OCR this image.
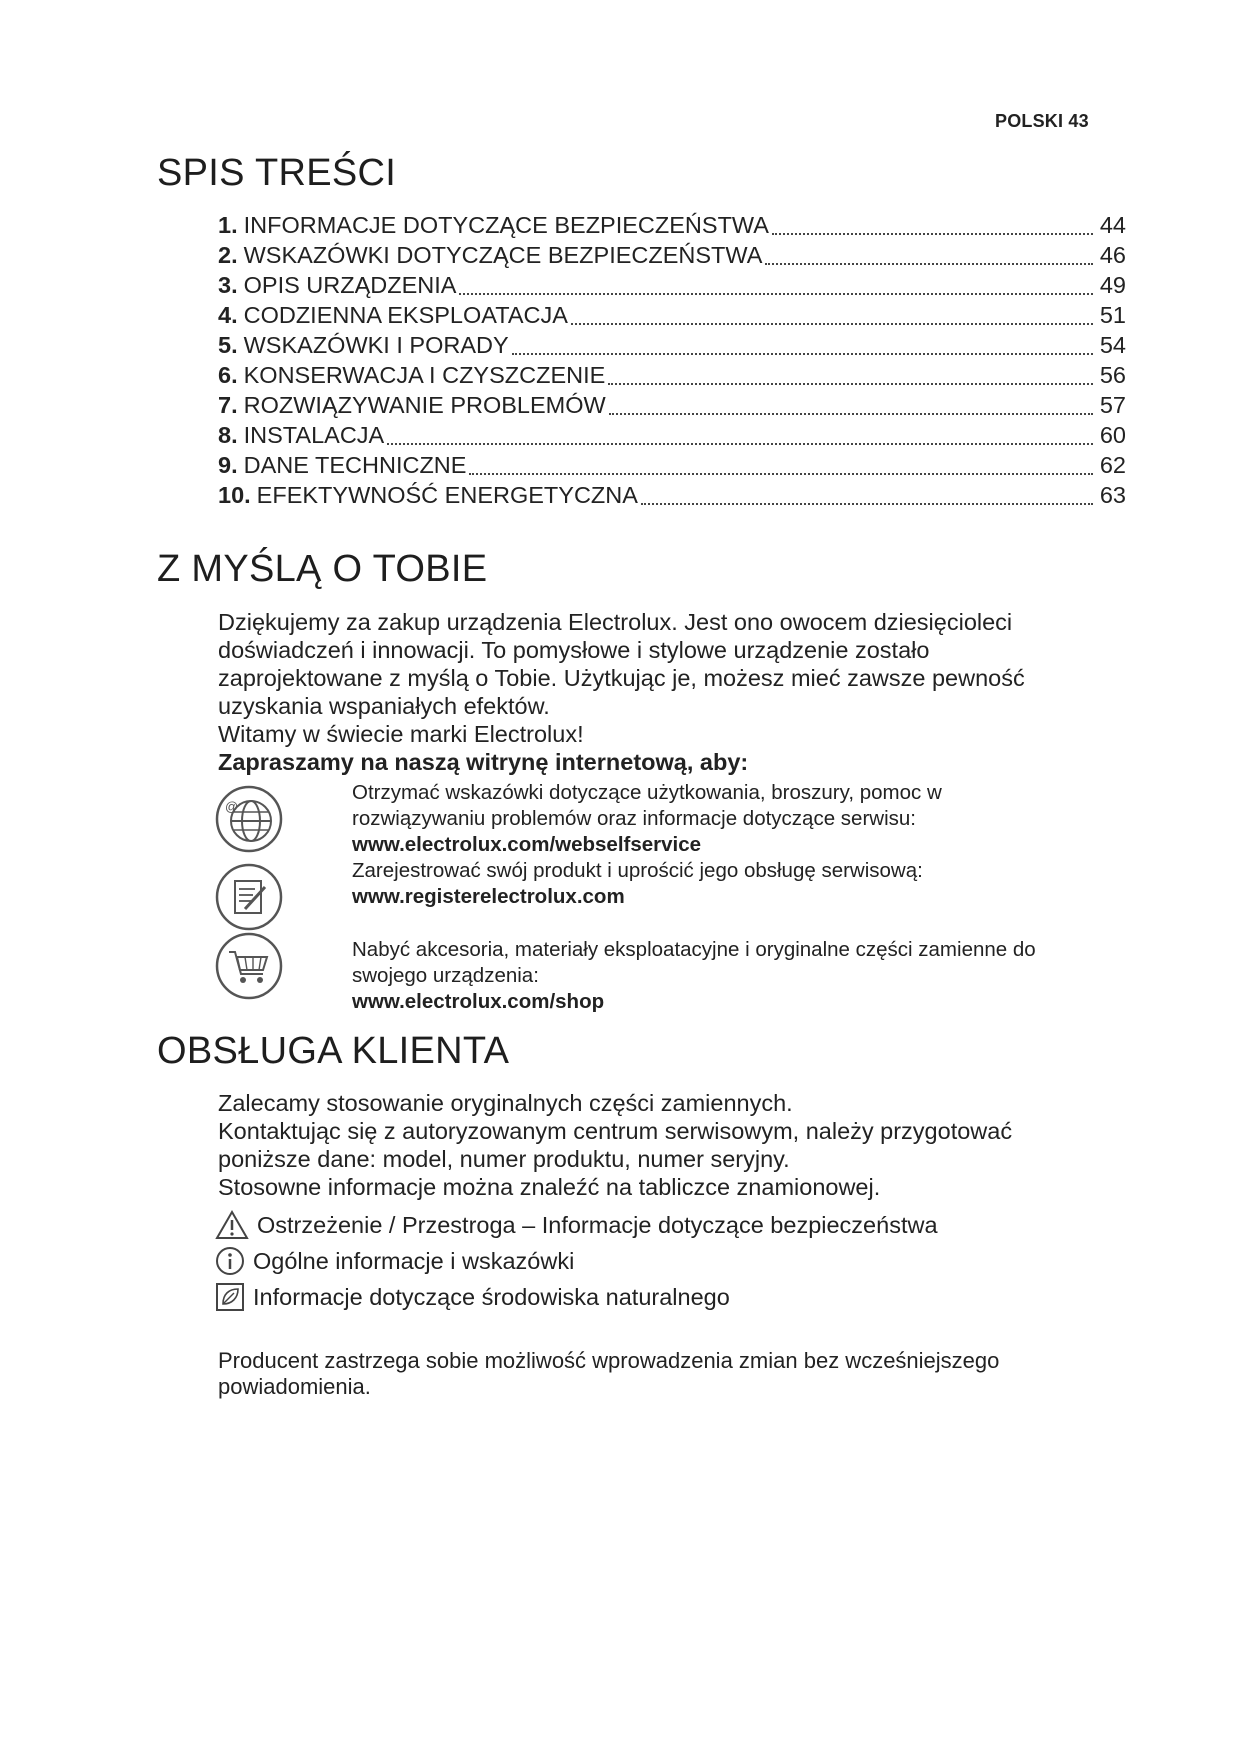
POLSKI 43
SPIS TREŚCI
1. INFORMACJE DOTYCZĄCE BEZPIECZEŃSTWA	44
2. WSKAZÓWKI DOTYCZĄCE BEZPIECZEŃSTWA	46
3. OPIS URZĄDZENIA	49
4. CODZIENNA EKSPLOATACJA	51
5. WSKAZÓWKI I PORADY	54
6. KONSERWACJA I CZYSZCZENIE	56
7. ROZWIĄZYWANIE PROBLEMÓW	57
8. INSTALACJA	60
9. DANE TECHNICZNE	62
10. EFEKTYWNOŚĆ ENERGETYCZNA	63
Z MYŚLĄ O TOBIE

Dziękujemy za zakup urządzenia Electrolux. Jest ono owocem dziesięcioleci

doświadczeń i innowacji. To pomysłowe i stylowe urządzenie zostało

zaprojektowane z myślą o Tobie. Użytkując je, możesz mieć zawsze pewność

uzyskania wspaniałych efektów.

Witamy w świecie marki Electrolux!

Zapraszamy na naszą witrynę internetową, aby:

@
Otrzymać wskazówki dotyczące użytkowania, broszury, pomoc w
rozwiązywaniu problemów oraz informacje dotyczące serwisu:
www.electrolux.com/webselfservice
Zarejestrować swój produkt i uprościć jego obsługę serwisową:
www.registerelectrolux.com
Nabyć akcesoria, materiały eksploatacyjne i oryginalne części zamienne do
swojego urządzenia:
www.electrolux.com/shop
OBSŁUGA KLIENTA

Zalecamy stosowanie oryginalnych części zamiennych.

Kontaktując się z autoryzowanym centrum serwisowym, należy przygotować

poniższe dane: model, numer produktu, numer seryjny.

Stosowne informacje można znaleźć na tabliczce znamionowej.

Ostrzeżenie / Przestroga – Informacje dotyczące bezpieczeństwa
Ogólne informacje i wskazówki
Informacje dotyczące środowiska naturalnego
Producent zastrzega sobie możliwość wprowadzenia zmian bez wcześniejszego
powiadomienia.
